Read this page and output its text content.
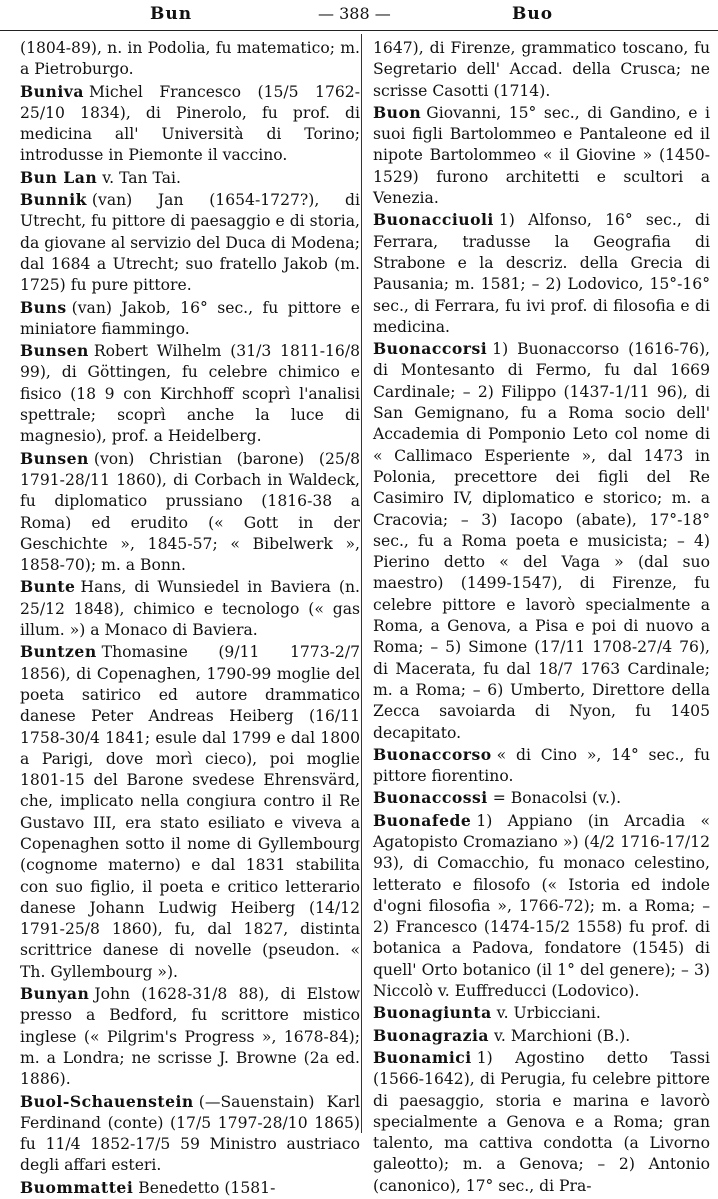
Bun	— 388 —	Buo

(1804-89), n. in Podolia, fu matematico; m. a Pietroburgo.

Buniva Michel Francesco (15/5 1762-25/10 1834), di Pinerolo, fu prof. di medicina all' Università di Torino; introdusse in Piemonte il vaccino.

Bun Lan v. Tan Tai.

Bunnik (van) Jan (1654-1727?), di Utrecht, fu pittore di paesaggio e di storia, da giovane al servizio del Duca di Modena; dal 1684 a Utrecht; suo fratello Jakob (m. 1725) fu pure pittore.

Buns (van) Jakob, 16° sec., fu pittore e miniatore fiammingo.

Bunsen Robert Wilhelm (31/3 1811-16/8 99), di Göttingen, fu celebre chimico e fisico (18 9 con Kirchhoff scoprì l'analisi spettrale; scoprì anche la luce di magnesio), prof. a Heidelberg.

Bunsen (von) Christian (barone) (25/8 1791-28/11 1860), di Corbach in Waldeck, fu diplomatico prussiano (1816-38 a Roma) ed erudito (« Gott in der Geschichte », 1845-57; « Bibelwerk », 1858-70); m. a Bonn.

Bunte Hans, di Wunsiedel in Baviera (n. 25/12 1848), chimico e tecnologo (« gas illum. ») a Monaco di Baviera.

Buntzen Thomasine (9/11 1773-2/7 1856), di Copenaghen, 1790-99 moglie del poeta satirico ed autore drammatico danese Peter Andreas Heiberg (16/11 1758-30/4 1841; esule dal 1799 e dal 1800 a Parigi, dove morì cieco), poi moglie 1801-15 del Barone svedese Ehrensvärd, che, implicato nella congiura contro il Re Gustavo III, era stato esiliato e viveva a Copenaghen sotto il nome di Gyllembourg (cognome materno) e dal 1831 stabilita con suo figlio, il poeta e critico letterario danese Johann Ludwig Heiberg (14/12 1791-25/8 1860), fu, dal 1827, distinta scrittrice danese di novelle (pseudon. « Th. Gyllembourg »).

Bunyan John (1628-31/8 88), di Elstow presso a Bedford, fu scrittore mistico inglese (« Pilgrim's Progress », 1678-84); m. a Londra; ne scrisse J. Browne (2a ed. 1886).

Buol-Schauenstein (—Sauenstain) Karl Ferdinand (conte) (17/5 1797-28/10 1865) fu 11/4 1852-17/5 59 Ministro austriaco degli affari esteri.

Buommattei Benedetto (1581-

1647), di Firenze, grammatico toscano, fu Segretario dell' Accad. della Crusca; ne scrisse Casotti (1714).

Buon Giovanni, 15° sec., di Gandino, e i suoi figli Bartolommeo e Pantaleone ed il nipote Bartolommeo « il Giovine » (1450-1529) furono architetti e scultori a Venezia.

Buonacciuoli 1) Alfonso, 16° sec., di Ferrara, tradusse la Geografia di Strabone e la descriz. della Grecia di Pausania; m. 1581; – 2) Lodovico, 15°-16° sec., di Ferrara, fu ivi prof. di filosofia e di medicina.

Buonaccorsi 1) Buonaccorso (1616-76), di Montesanto di Fermo, fu dal 1669 Cardinale; – 2) Filippo (1437-1/11 96), di San Gemignano, fu a Roma socio dell' Accademia di Pomponio Leto col nome di « Callimaco Esperiente », dal 1473 in Polonia, precettore dei figli del Re Casimiro IV, diplomatico e storico; m. a Cracovia; – 3) Iacopo (abate), 17°-18° sec., fu a Roma poeta e musicista; – 4) Pierino detto « del Vaga » (dal suo maestro) (1499-1547), di Firenze, fu celebre pittore e lavorò specialmente a Roma, a Genova, a Pisa e poi di nuovo a Roma; – 5) Simone (17/11 1708-27/4 76), di Macerata, fu dal 18/7 1763 Cardinale; m. a Roma; – 6) Umberto, Direttore della Zecca savoiarda di Nyon, fu 1405 decapitato.

Buonaccorso « di Cino », 14° sec., fu pittore fiorentino.

Buonaccossi = Bonacolsi (v.).

Buonafede 1) Appiano (in Arcadia « Agatopisto Cromaziano ») (4/2 1716-17/12 93), di Comacchio, fu monaco celestino, letterato e filosofo (« Istoria ed indole d'ogni filosofia », 1766-72); m. a Roma; – 2) Francesco (1474-15/2 1558) fu prof. di botanica a Padova, fondatore (1545) di quell' Orto botanico (il 1° del genere); – 3) Niccolò v. Euffreducci (Lodovico).

Buonagiunta v. Urbicciani.

Buonagrazia v. Marchioni (B.).

Buonamici 1) Agostino detto Tassi (1566-1642), di Perugia, fu celebre pittore di paesaggio, storia e marina e lavorò specialmente a Genova e a Roma; gran talento, ma cattiva condotta (a Livorno galeotto); m. a Genova; – 2) Antonio (canonico), 17° sec., di Pra-
